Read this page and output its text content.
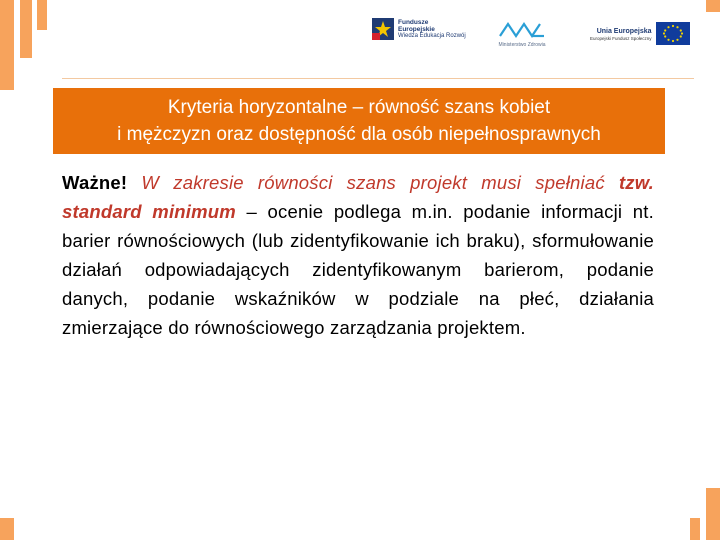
Fundusze
Europejskie
Wiedza Edukacja Rozwój
Ministerstwo Zdrowia
Unia Europejska
Europejski Fundusz Społeczny
Kryteria horyzontalne – równość szans kobiet
i mężczyzn oraz dostępność dla osób niepełnosprawnych
Ważne! W zakresie równości szans projekt musi spełniać tzw. standard minimum – ocenie podlega m.in. podanie informacji nt. barier równościowych (lub zidentyfikowanie ich braku), sformułowanie działań odpowiadających zidentyfikowanym barierom, podanie danych, podanie wskaźników w podziale na płeć, działania zmierzające do równościowego zarządzania projektem.
